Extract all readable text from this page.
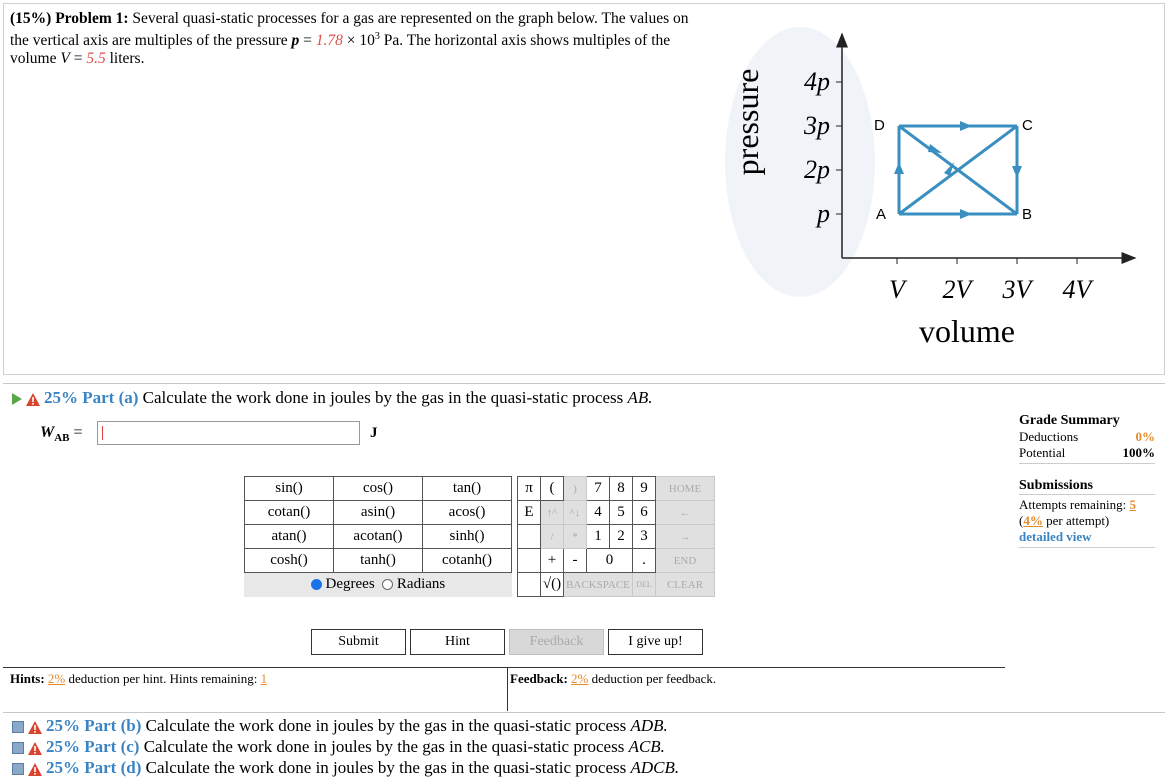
(15%) Problem 1: Several quasi-static processes for a gas are represented on the graph below. The values on the vertical axis are multiples of the pressure $p = 1.78 \times 10^3$ Pa. The horizontal axis shows multiples of the volume V = 5.5 liters.
4p
3p
2p
p
V 2V 3V 4V
volume
pressure	D	C
A	B
25% Part (a) Calculate the work done in joules by the gas in the quasi-static process AB.
$W_{AB}$ =	J
sin()	cos()	tan()
cotan()	asin()	acos()
atan()	acotan()	sinh()
cosh()	tanh()	cotanh()
Degrees Radians		
π	(	)	7	8	9	HOME
E	↑^	^↓	4	5	6	←
	/	*	1	2	3	→
	+	-	0		.	END
	√()	BACKSPACE			DEL	CLEAR
Submit	Hint	Feedback	I give up!
Hints: 2% deduction per hint. Hints remaining: 1	Feedback: 2% deduction per feedback.
Grade Summary
Deductions	0%
Potential	100%
Submissions
Attempts remaining: 5
(4% per attempt)
detailed view
25% Part (b) Calculate the work done in joules by the gas in the quasi-static process ADB.
25% Part (c) Calculate the work done in joules by the gas in the quasi-static process ACB.
25% Part (d) Calculate the work done in joules by the gas in the quasi-static process ADCB.
